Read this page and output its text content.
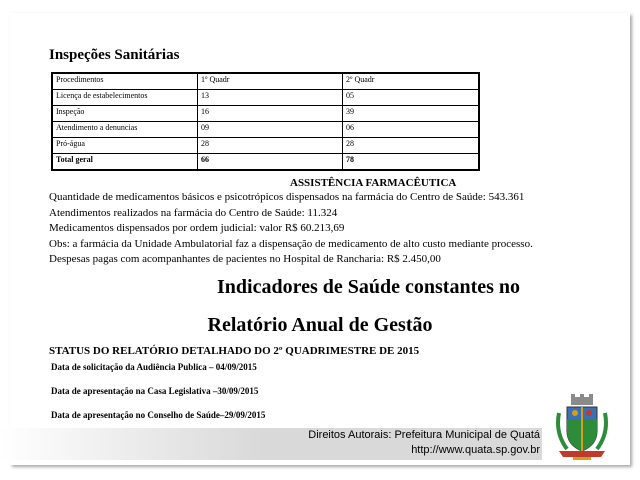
Inspeções Sanitárias
Procedimentos	1º Quadr	2º Quadr
Licença de estabelecimentos	13	05
Inspeção	16	39
Atendimento a denuncias	09	06
Pró-água	28	28
Total geral	66	78
ASSISTÊNCIA FARMACÊUTICA
Quantidade de medicamentos básicos e psicotrópicos dispensados na farmácia do Centro de Saúde: 543.361
Atendimentos realizados na farmácia do Centro de Saúde: 11.324
Medicamentos dispensados por ordem judicial: valor R$ 60.213,69
Obs: a farmácia da Unidade Ambulatorial faz a dispensação de medicamento de alto custo mediante processo.
Despesas pagas com acompanhantes de pacientes no Hospital de Rancharia: R$ 2.450,00
Indicadores de Saúde constantes no
Relatório Anual de Gestão
STATUS DO RELATÓRIO DETALHADO DO 2º QUADRIMESTRE DE 2015
Data de solicitação da Audiência Publica – 04/09/2015
Data de apresentação na Casa Legislativa –30/09/2015
Data de apresentação no Conselho de Saúde–29/09/2015
Direitos Autorais: Prefeitura Municipal de Quatá
http://www.quata.sp.gov.br
